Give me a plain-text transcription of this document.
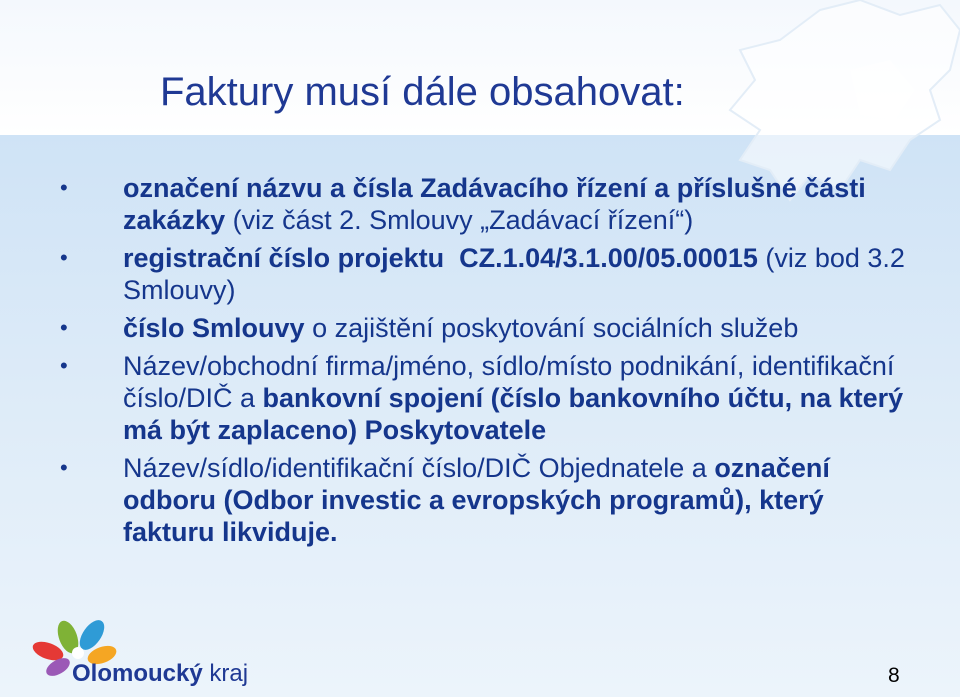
Faktury musí dále obsahovat:
• označení názvu a čísla Zadávacího řízení a příslušné části zakázky (viz část 2. Smlouvy „Zadávací řízení“)
• registrační číslo projektu CZ.1.04/3.1.00/05.00015 (viz bod 3.2 Smlouvy)
• číslo Smlouvy o zajištění poskytování sociálních služeb
• Název/obchodní firma/jméno, sídlo/místo podnikání, identifikační číslo/DIČ a bankovní spojení (číslo bankovního účtu, na který má být zaplaceno) Poskytovatele
• Název/sídlo/identifikační číslo/DIČ Objednatele a označení odboru (Odbor investic a evropských programů), který fakturu likviduje.
Olomoucký kraj	8
